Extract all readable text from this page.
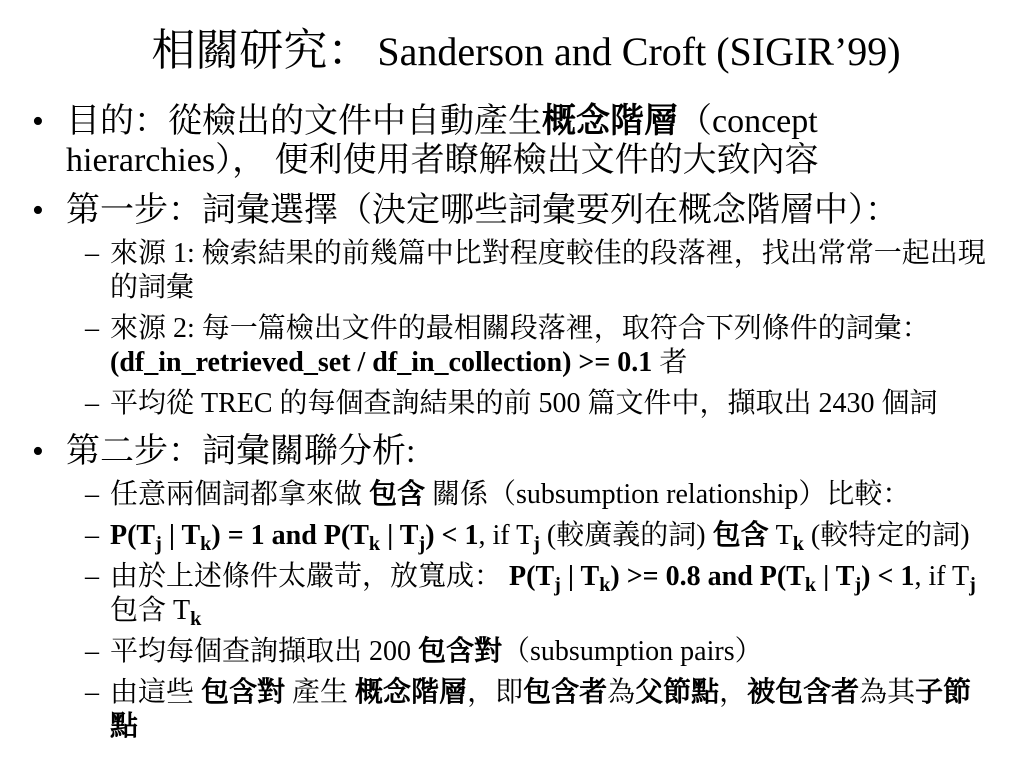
相關研究： Sanderson and Croft (SIGIR’99)
• 目的：從檢出的文件中自動產生概念階層（concept
hierarchies）， 便利使用者瞭解檢出文件的大致內容
• 第一步：詞彙選擇（決定哪些詞彙要列在概念階層中）：
– 來源 1: 檢索結果的前幾篇中比對程度較佳的段落裡，找出常常一起出現
的詞彙
– 來源 2: 每一篇檢出文件的最相關段落裡，取符合下列條件的詞彙：
(df_in_retrieved_set / df_in_collection) >= 0.1 者
– 平均從 TREC 的每個查詢結果的前 500 篇文件中，擷取出 2430 個詞
• 第二步：詞彙關聯分析:
– 任意兩個詞都拿來做 包含 關係（subsumption relationship）比較：
– $P(T_j$ | $T_k) = 1$ and $P(T_k$ | $T_j) < 1$, if $T_j$ (較廣義的詞) 包含 $T_k$ (較特定的詞)
– 由於上述條件太嚴苛，放寬成： $P(T_j$ | $T_k) >= 0.8$ and $P(T_k$ | $T_j) < 1$, if $T_j$
包含 $T_k$
– 平均每個查詢擷取出 200 包含對（subsumption pairs）
– 由這些 包含對 產生 概念階層，即包含者為父節點，被包含者為其子節
點
